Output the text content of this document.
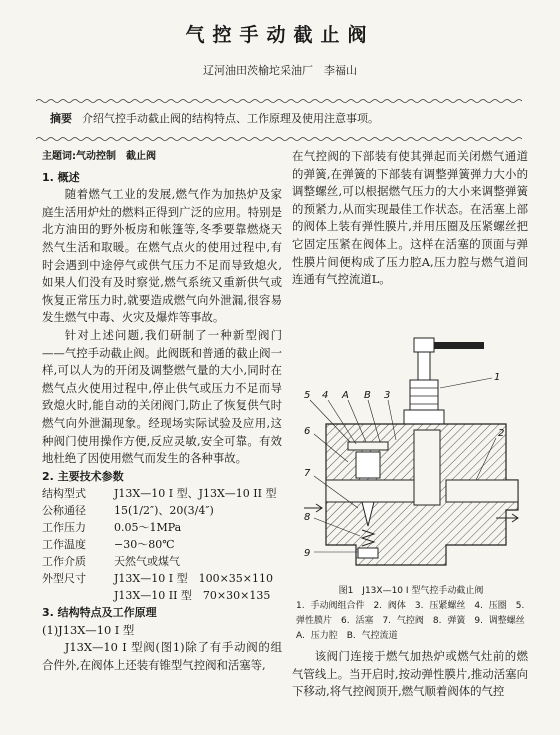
气控手动截止阀
辽河油田茨榆坨采油厂　李福山
摘要 介绍气控手动截止阀的结构特点、工作原理及使用注意事项。
主题词:气动控制　截止阀
1. 概述

随着燃气工业的发展,燃气作为加热炉及家庭生活用炉灶的燃料正得到广泛的应用。特别是北方油田的野外板房和帐篷等,冬季要靠燃烧天然气生活和取暖。在燃气点火的使用过程中,有时会遇到中途停气或供气压力不足而导致熄火,如果人们没有及时察觉,燃气系统又重新供气或恢复正常压力时,就要造成燃气向外泄漏,很容易发生燃气中毒、火灾及爆炸等事故。

针对上述问题,我们研制了一种新型阀门——气控手动截止阀。此阀既和普通的截止阀一样,可以人为的开闭及调整燃气量的大小,同时在燃气点火使用过程中,停止供气或压力不足而导致熄火时,能自动的关闭阀门,防止了恢复供气时燃气向外泄漏现象。经现场实际试验及应用,这种阀门使用操作方便,反应灵敏,安全可靠。有效地杜绝了因使用燃气而发生的各种事故。

2. 主要技术参数
结构型式	J13X—10 I 型、J13X—10 II 型
公称通径	15(1/2″)、20(3/4″)
工作压力	0.05～1MPa
工作温度	−30～80℃
工作介质	天然气或煤气
外型尺寸	J13X—10 I 型　100×35×110
J13X—10 II 型　70×30×135
3. 结构特点及工作原理
(1)J13X—10 I 型

J13X—10 I 型阀(图1)除了有手动阀的组合件外,在阀体上还装有锥型气控阀和活塞等,

在气控阀的下部装有使其弹起而关闭燃气通道的弹簧,在弹簧的下部装有调整弹簧弹力大小的调整螺丝,可以根据燃气压力的大小来调整弹簧的预紧力,从而实现最佳工作状态。在活塞上部的阀体上装有弹性膜片,并用压圈及压紧螺丝把它固定压紧在阀体上。这样在活塞的顶面与弹性膜片间便构成了压力腔A,压力腔与燃气道间连通有气控流道L。

5 4 A B 3
1
2
6
7
8
9
图1　J13X—10 I 型气控手动截止阀
1. 手动阀组合件　2. 阀体　3. 压紧螺丝　4. 压圈　5. 弹性膜片　6. 活塞　7. 气控阀　8. 弹簧　9. 调整螺丝　A. 压力腔　B. 气控流道

该阀门连接于燃气加热炉或燃气灶前的燃气管线上。当开启时,按动弹性膜片,推动活塞向下移动,将气控阀顶开,燃气顺着阀体的气控
